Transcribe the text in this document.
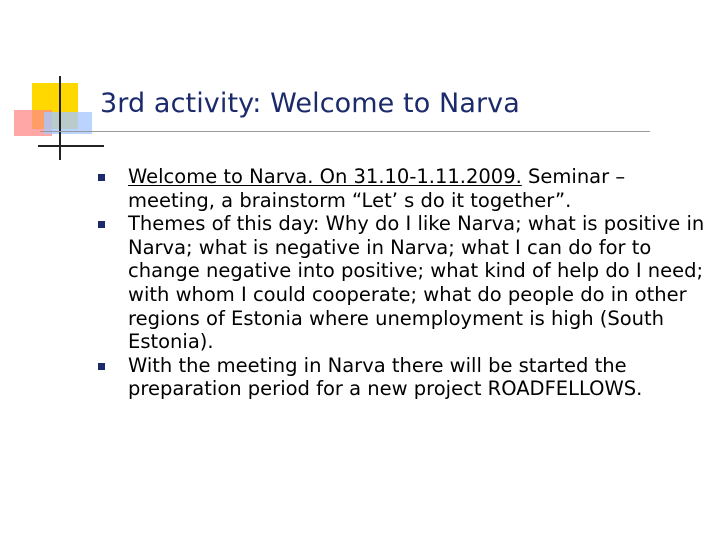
3rd activity: Welcome to Narva
Welcome to Narva. On 31.10-1.11.2009. Seminar – meeting, a brainstorm “Let’ s do it together”.
Themes of this day: Why do I like Narva; what is positive in Narva; what is negative in Narva; what I can do for to change negative into positive; what kind of help do I need; with whom I could cooperate; what do people do in other regions of Estonia where unemployment is high (South Estonia).
With the meeting in Narva there will be started the preparation period for a new project ROADFELLOWS.
